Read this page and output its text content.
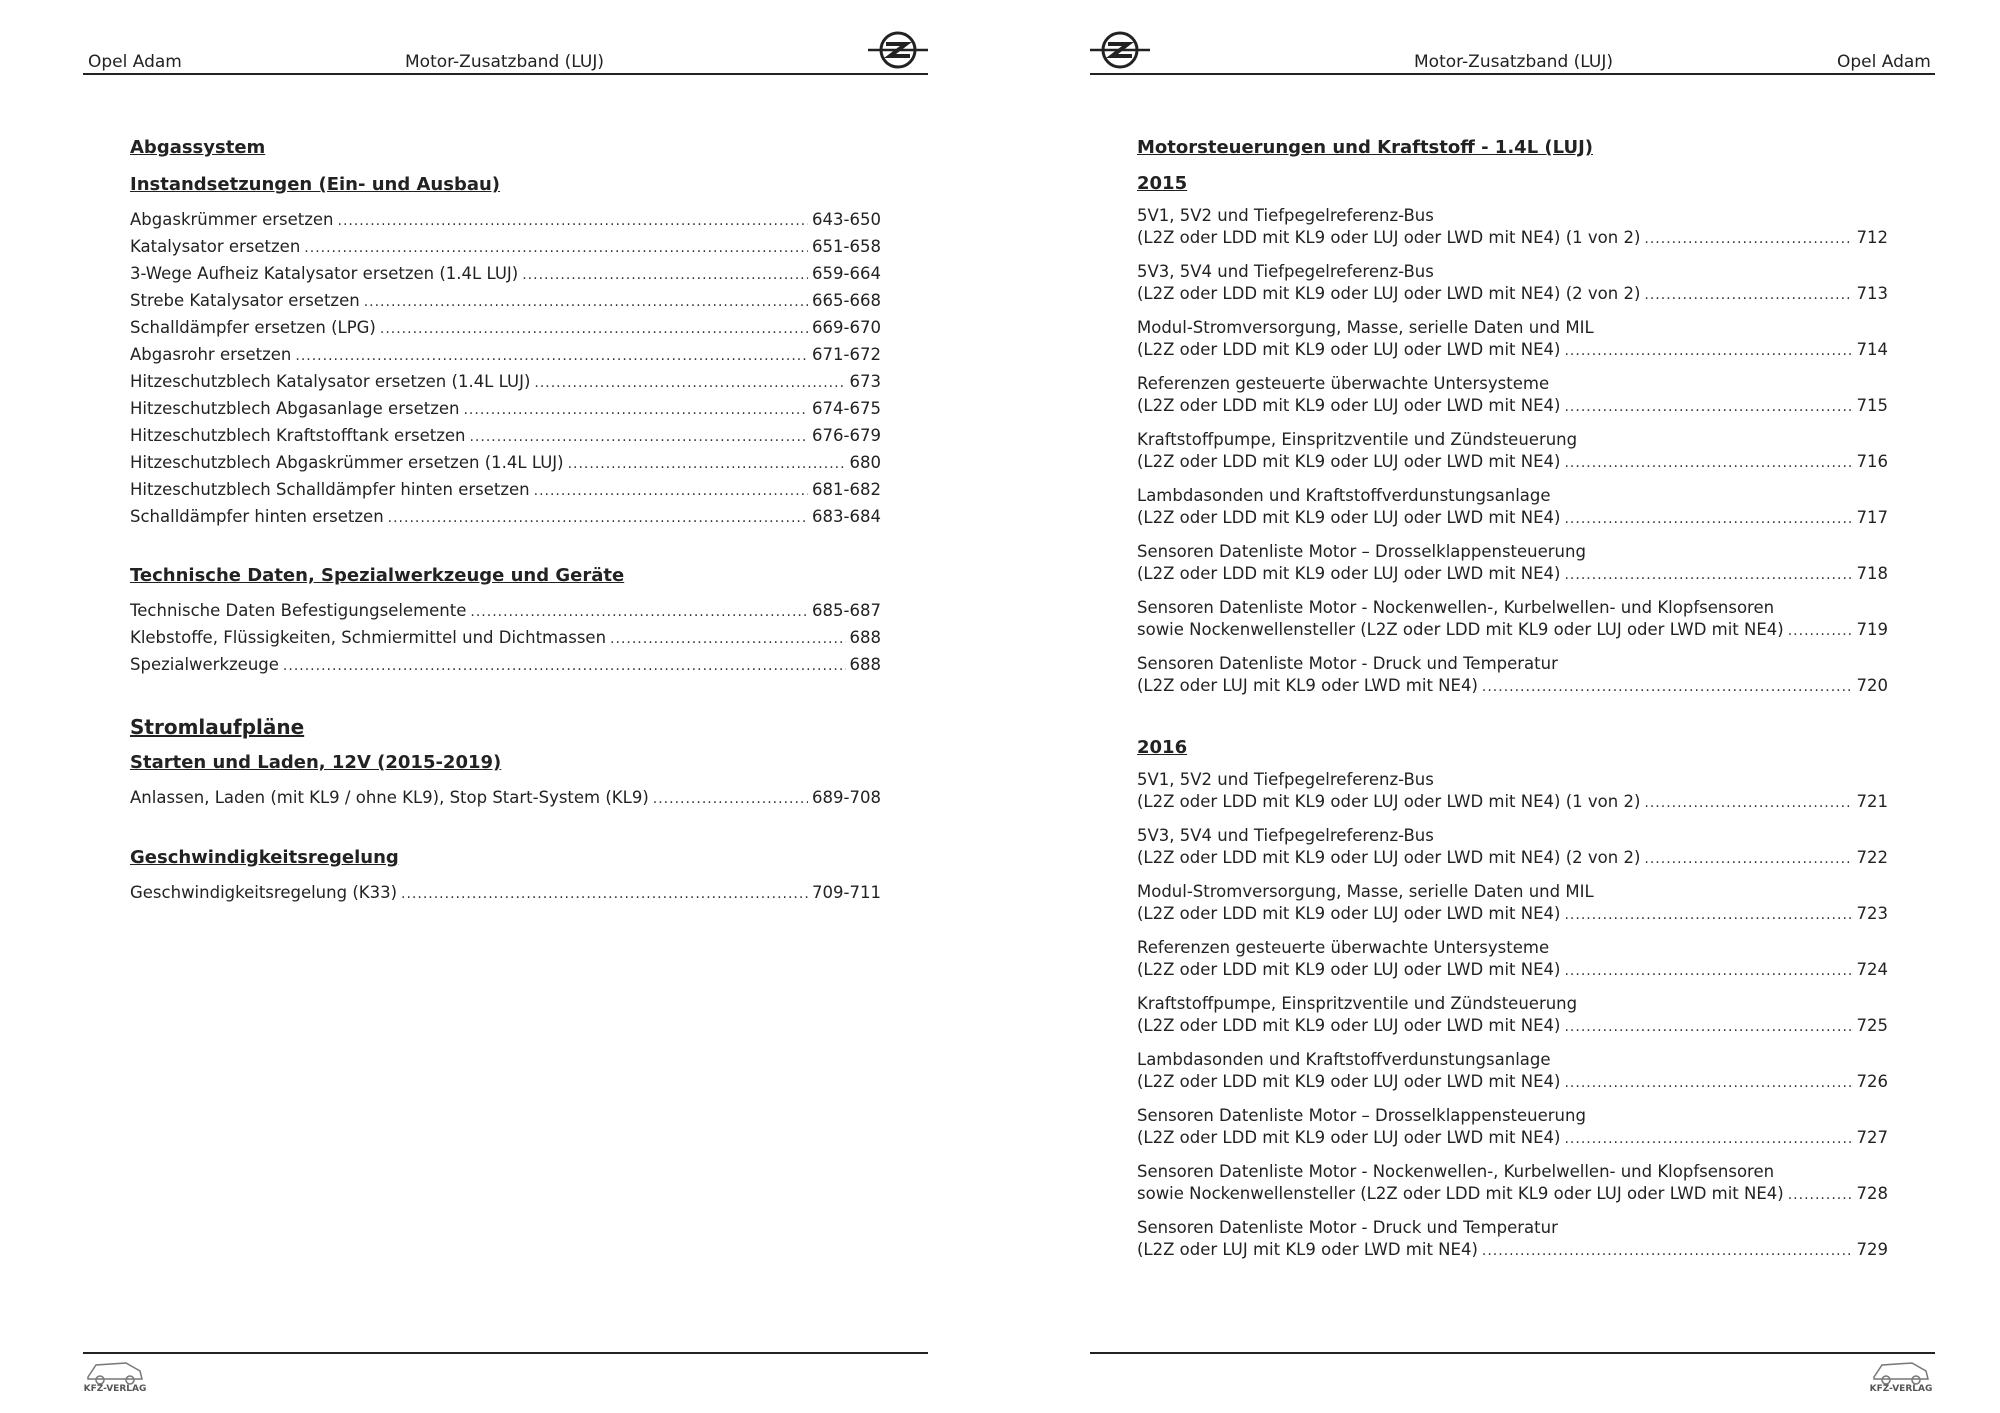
Opel Adam	Motor-Zusatzband (LUJ)
Abgassystem
Instandsetzungen (Ein- und Ausbau)
Abgaskrümmer ersetzen .....	643-650
Katalysator ersetzen .....	651-658
3-Wege Aufheiz Katalysator ersetzen (1.4L LUJ) .....	659-664
Strebe Katalysator ersetzen .....	665-668
Schalldämpfer ersetzen (LPG) .....	669-670
Abgasrohr ersetzen .....	671-672
Hitzeschutzblech Katalysator ersetzen (1.4L LUJ) .....	673
Hitzeschutzblech Abgasanlage ersetzen .....	674-675
Hitzeschutzblech Kraftstofftank ersetzen .....	676-679
Hitzeschutzblech Abgaskrümmer ersetzen (1.4L LUJ) .....	680
Hitzeschutzblech Schalldämpfer hinten ersetzen .....	681-682
Schalldämpfer hinten ersetzen .....	683-684
Technische Daten, Spezialwerkzeuge und Geräte
Technische Daten Befestigungselemente .....	685-687
Klebstoffe, Flüssigkeiten, Schmiermittel und Dichtmassen .....	688
Spezialwerkzeuge .....	688
Stromlaufpläne
Starten und Laden, 12V (2015-2019)
Anlassen, Laden (mit KL9 / ohne KL9), Stop Start-System (KL9) .....	689-708
Geschwindigkeitsregelung
Geschwindigkeitsregelung (K33) .....	709-711
KFZ-VERLAG
Motor-Zusatzband (LUJ)	Opel Adam
Motorsteuerungen und Kraftstoff - 1.4L (LUJ)
2015
5V1, 5V2 und Tiefpegelreferenz-Bus
(L2Z oder LDD mit KL9 oder LUJ oder LWD mit NE4) (1 von 2) .....	712
5V3, 5V4 und Tiefpegelreferenz-Bus
(L2Z oder LDD mit KL9 oder LUJ oder LWD mit NE4) (2 von 2) .....	713
Modul-Stromversorgung, Masse, serielle Daten und MIL
(L2Z oder LDD mit KL9 oder LUJ oder LWD mit NE4) .....	714
Referenzen gesteuerte überwachte Untersysteme
(L2Z oder LDD mit KL9 oder LUJ oder LWD mit NE4) .....	715
Kraftstoffpumpe, Einspritzventile und Zündsteuerung
(L2Z oder LDD mit KL9 oder LUJ oder LWD mit NE4) .....	716
Lambdasonden und Kraftstoffverdunstungsanlage
(L2Z oder LDD mit KL9 oder LUJ oder LWD mit NE4) .....	717
Sensoren Datenliste Motor – Drosselklappensteuerung
(L2Z oder LDD mit KL9 oder LUJ oder LWD mit NE4) .....	718
Sensoren Datenliste Motor - Nockenwellen-, Kurbelwellen- und Klopfsensoren
sowie Nockenwellensteller (L2Z oder LDD mit KL9 oder LUJ oder LWD mit NE4) .....	719
Sensoren Datenliste Motor - Druck und Temperatur
(L2Z oder LUJ mit KL9 oder LWD mit NE4) .....	720
2016
5V1, 5V2 und Tiefpegelreferenz-Bus
(L2Z oder LDD mit KL9 oder LUJ oder LWD mit NE4) (1 von 2) .....	721
5V3, 5V4 und Tiefpegelreferenz-Bus
(L2Z oder LDD mit KL9 oder LUJ oder LWD mit NE4) (2 von 2) .....	722
Modul-Stromversorgung, Masse, serielle Daten und MIL
(L2Z oder LDD mit KL9 oder LUJ oder LWD mit NE4) .....	723
Referenzen gesteuerte überwachte Untersysteme
(L2Z oder LDD mit KL9 oder LUJ oder LWD mit NE4) .....	724
Kraftstoffpumpe, Einspritzventile und Zündsteuerung
(L2Z oder LDD mit KL9 oder LUJ oder LWD mit NE4) .....	725
Lambdasonden und Kraftstoffverdunstungsanlage
(L2Z oder LDD mit KL9 oder LUJ oder LWD mit NE4) .....	726
Sensoren Datenliste Motor – Drosselklappensteuerung
(L2Z oder LDD mit KL9 oder LUJ oder LWD mit NE4) .....	727
Sensoren Datenliste Motor - Nockenwellen-, Kurbelwellen- und Klopfsensoren
sowie Nockenwellensteller (L2Z oder LDD mit KL9 oder LUJ oder LWD mit NE4) .....	728
Sensoren Datenliste Motor - Druck und Temperatur
(L2Z oder LUJ mit KL9 oder LWD mit NE4) .....	729
KFZ-VERLAG
